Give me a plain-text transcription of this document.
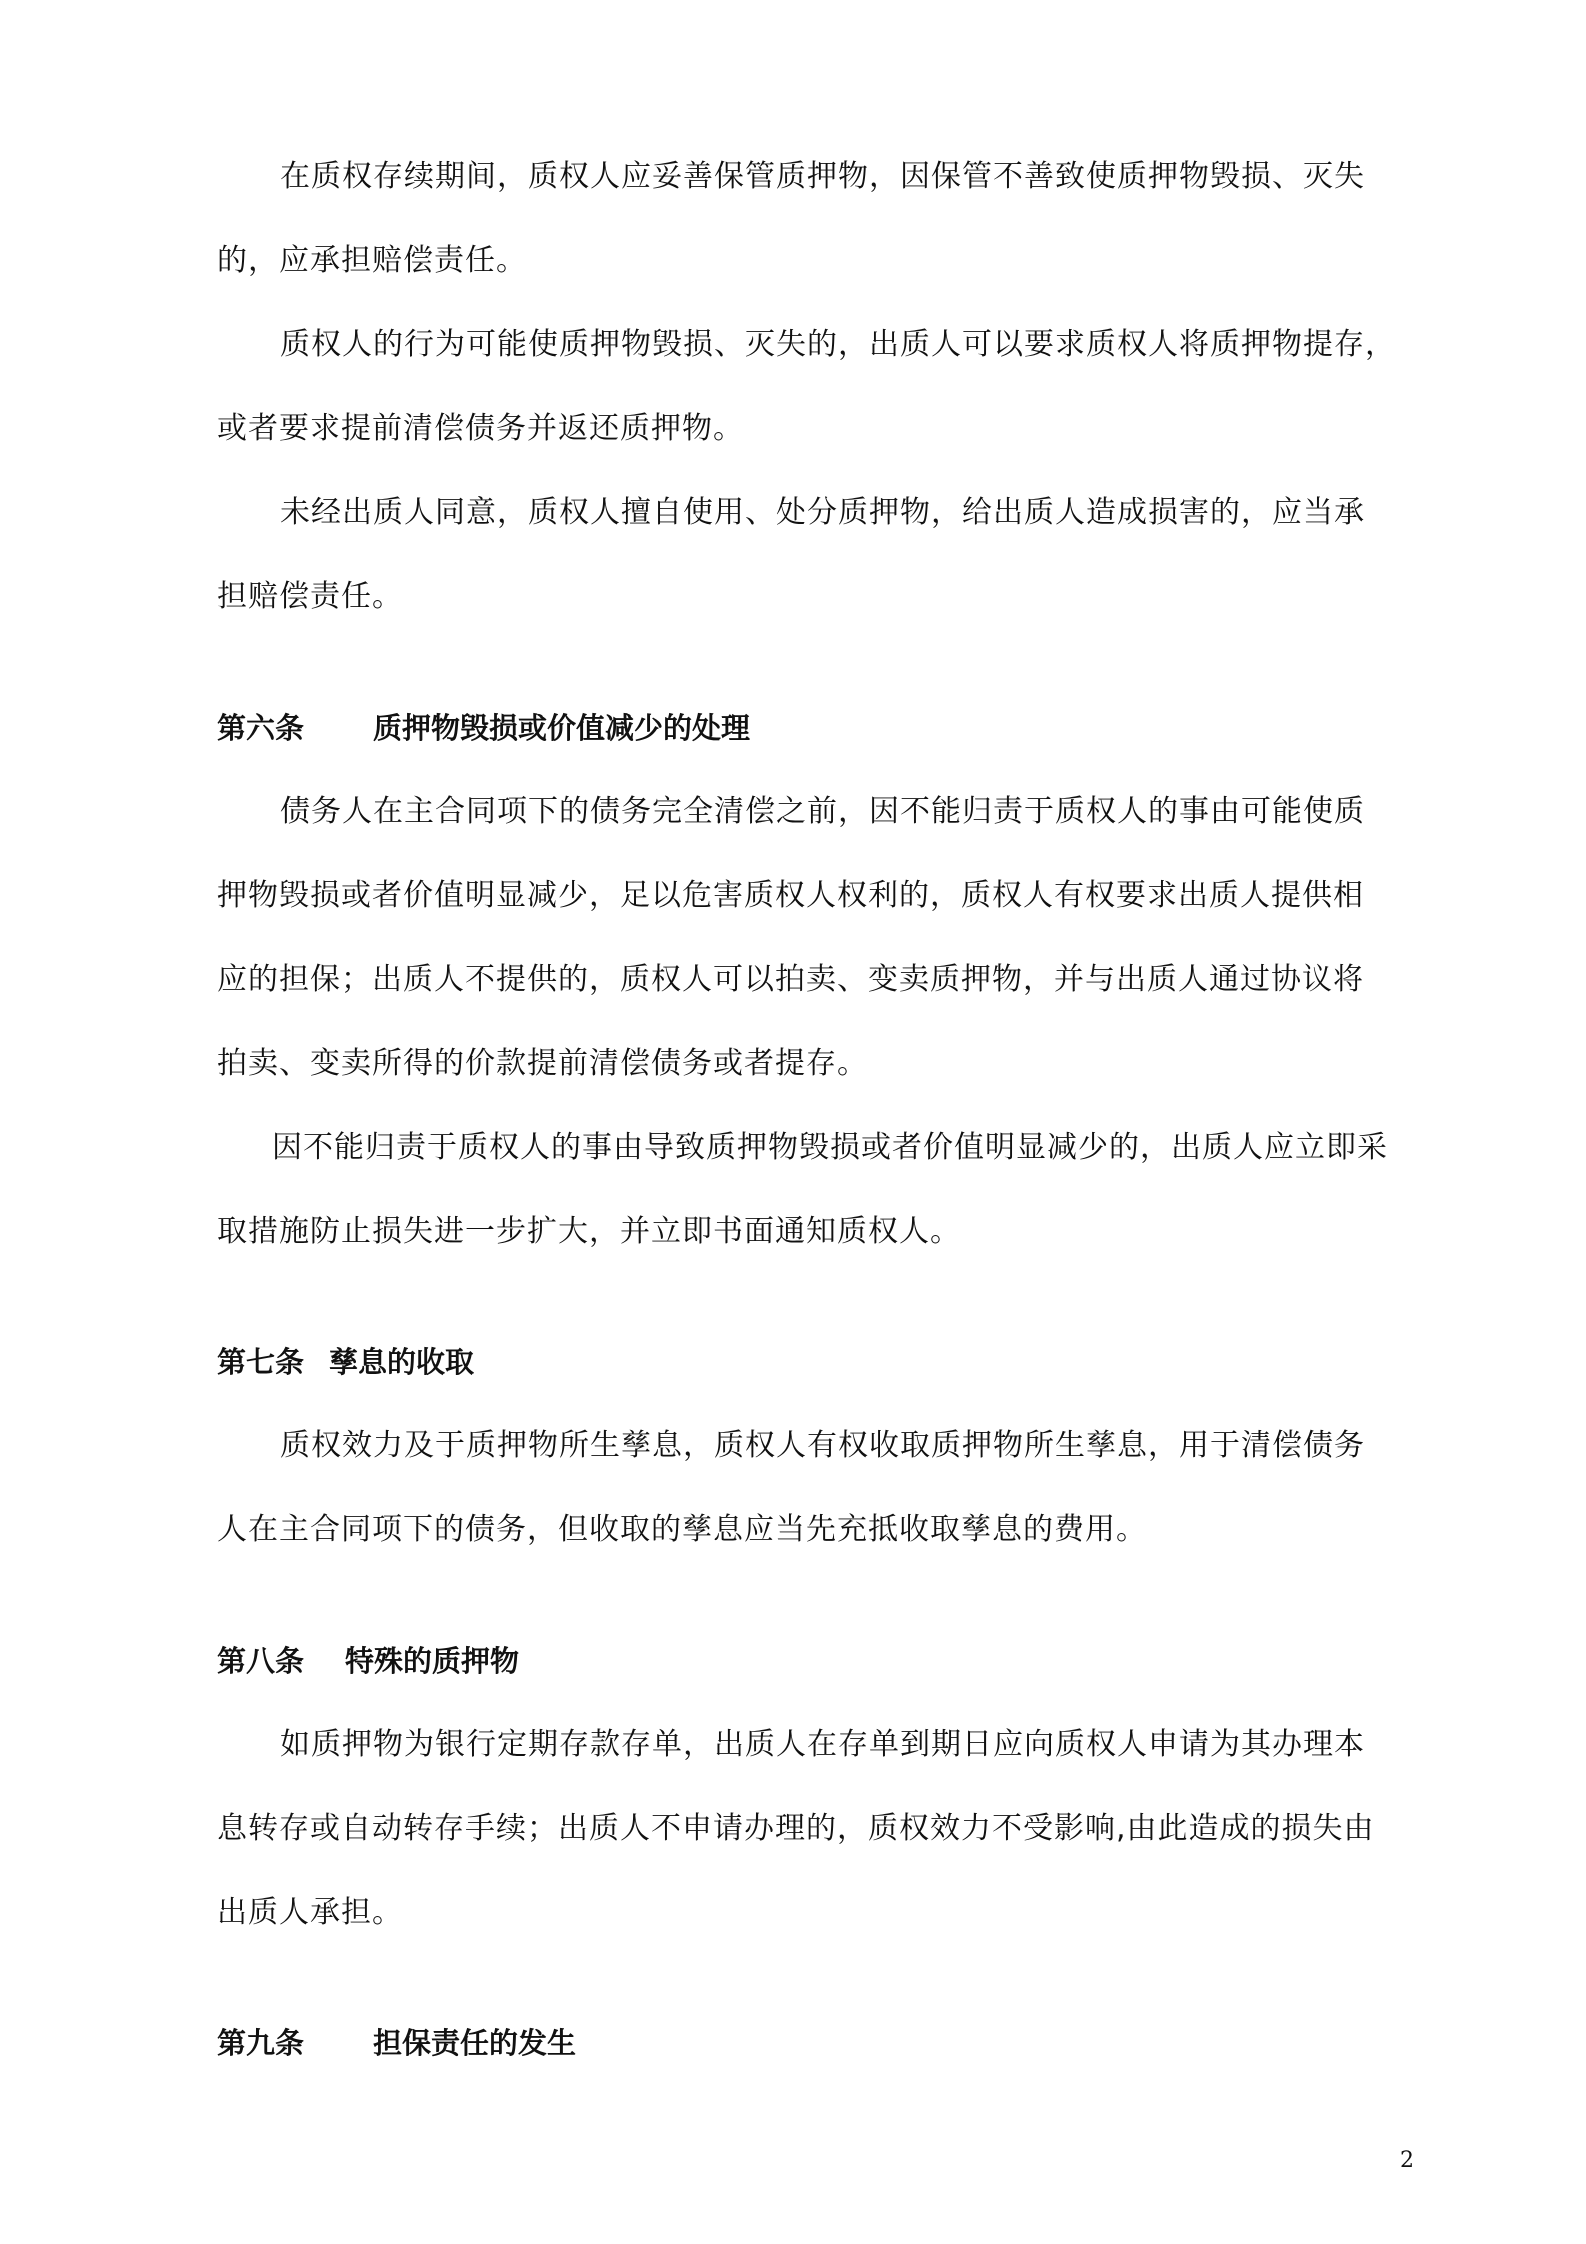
在质权存续期间，质权人应妥善保管质押物，因保管不善致使质押物毁损、灭失
的，应承担赔偿责任。
质权人的行为可能使质押物毁损、灭失的，出质人可以要求质权人将质押物提存，
或者要求提前清偿债务并返还质押物。
未经出质人同意，质权人擅自使用、处分质押物，给出质人造成损害的，应当承
担赔偿责任。
第六条 质押物毁损或价值减少的处理
债务人在主合同项下的债务完全清偿之前，因不能归责于质权人的事由可能使质
押物毁损或者价值明显减少，足以危害质权人权利的，质权人有权要求出质人提供相
应的担保；出质人不提供的，质权人可以拍卖、变卖质押物，并与出质人通过协议将
拍卖、变卖所得的价款提前清偿债务或者提存。
因不能归责于质权人的事由导致质押物毁损或者价值明显减少的，出质人应立即采
取措施防止损失进一步扩大，并立即书面通知质权人。
第七条 孳息的收取
质权效力及于质押物所生孳息，质权人有权收取质押物所生孳息，用于清偿债务
人在主合同项下的债务，但收取的孳息应当先充抵收取孳息的费用。
第八条 特殊的质押物
如质押物为银行定期存款存单，出质人在存单到期日应向质权人申请为其办理本
息转存或自动转存手续；出质人不申请办理的，质权效力不受影响,由此造成的损失由
出质人承担。
第九条 担保责任的发生
2
